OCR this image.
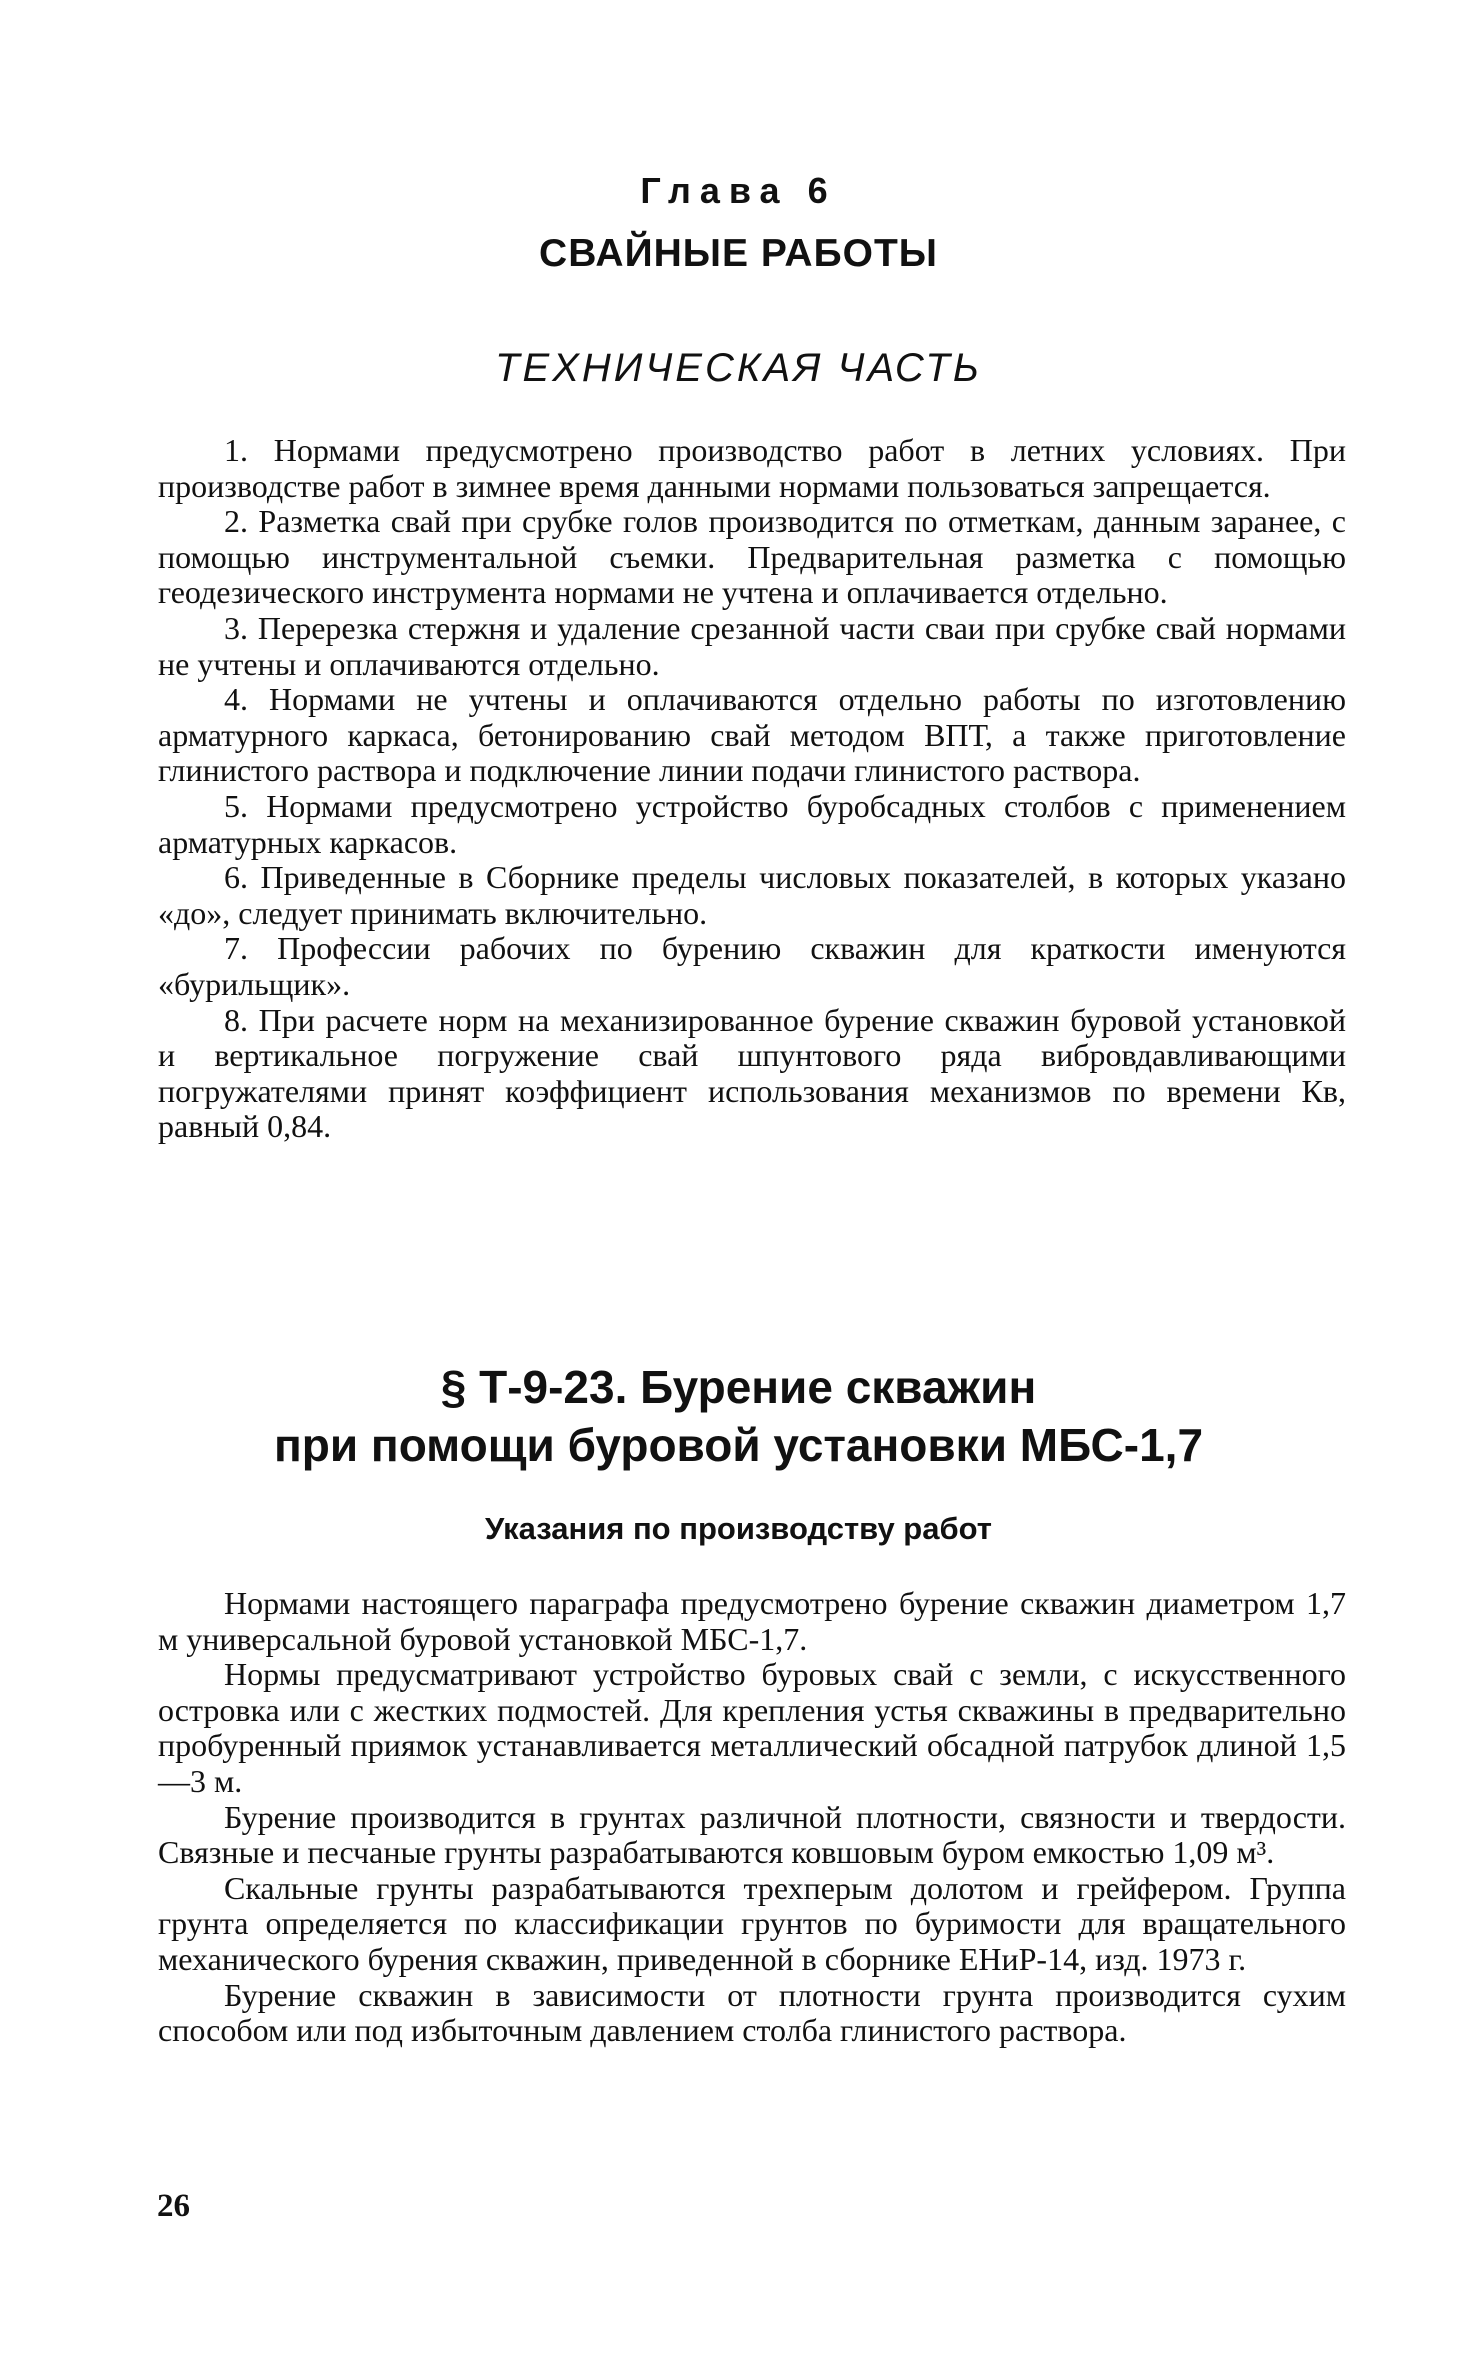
Глава 6
СВАЙНЫЕ РАБОТЫ
ТЕХНИЧЕСКАЯ ЧАСТЬ

1. Нормами предусмотрено производство работ в летних условиях. При производстве работ в зимнее время данными нормами пользоваться запрещается.

2. Разметка свай при срубке голов производится по отметкам, данным заранее, с помощью инструментальной съемки. Предварительная разметка с помощью геодезического инструмента нормами не учтена и оплачивается отдельно.

3. Перерезка стержня и удаление срезанной части сваи при срубке свай нормами не учтены и оплачиваются отдельно.

4. Нормами не учтены и оплачиваются отдельно работы по изготовлению арматурного каркаса, бетонированию свай методом ВПТ, а также приготовление глинистого раствора и подключение линии подачи глинистого раствора.

5. Нормами предусмотрено устройство буробсадных столбов с применением арматурных каркасов.

6. Приведенные в Сборнике пределы числовых показателей, в которых указано «до», следует принимать включительно.

7. Профессии рабочих по бурению скважин для краткости именуются «бурильщик».

8. При расчете норм на механизированное бурение скважин буровой установкой и вертикальное погружение свай шпунтового ряда вибровдавливающими погружателями принят коэффициент использования механизмов по времени Кв, равный 0,84.

§ Т-9-23. Бурение скважин
при помощи буровой установки МБС-1,7
Указания по производству работ

Нормами настоящего параграфа предусмотрено бурение скважин диаметром 1,7 м универсальной буровой установкой МБС-1,7.

Нормы предусматривают устройство буровых свай с земли, с искусственного островка или с жестких подмостей. Для крепления устья скважины в предварительно пробуренный приямок устанавливается металлический обсадной патрубок длиной 1,5—3 м.

Бурение производится в грунтах различной плотности, связности и твердости. Связные и песчаные грунты разрабатываются ковшовым буром емкостью 1,09 м³.

Скальные грунты разрабатываются трехперым долотом и грейфером. Группа грунта определяется по классификации грунтов по буримости для вращательного механического бурения скважин, приведенной в сборнике ЕНиР-14, изд. 1973 г.

Бурение скважин в зависимости от плотности грунта производится сухим способом или под избыточным давлением столба глинистого раствора.

26
